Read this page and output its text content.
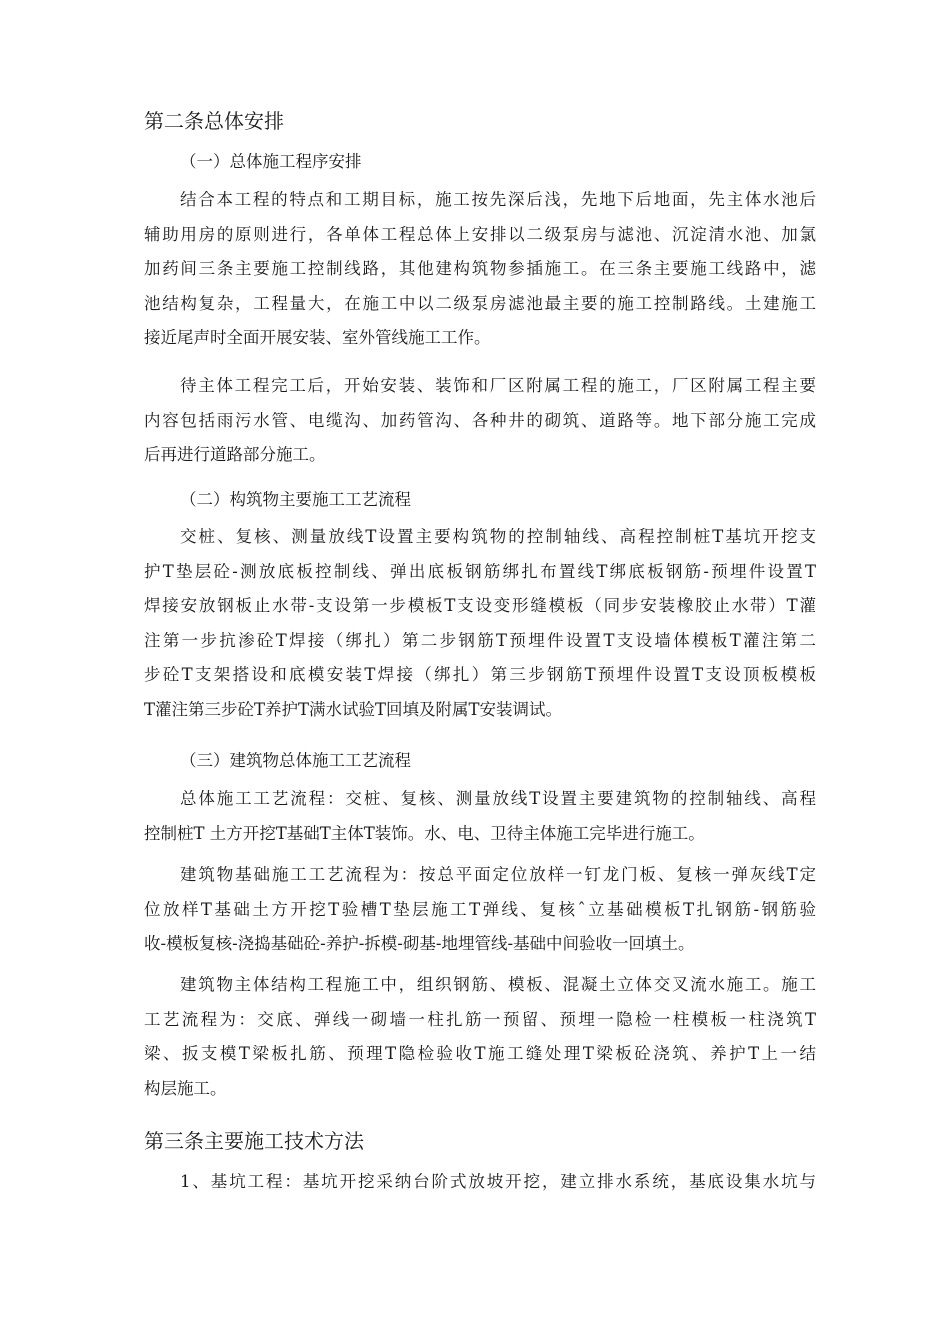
第二条总体安排
（一）总体施工程序安排
结合本工程的特点和工期目标，施工按先深后浅，先地下后地面，先主体水池后
辅助用房的原则进行，各单体工程总体上安排以二级泵房与滤池、沉淀清水池、加氯
加药间三条主要施工控制线路，其他建构筑物参插施工。在三条主要施工线路中，滤
池结构复杂，工程量大，在施工中以二级泵房滤池最主要的施工控制路线。土建施工
接近尾声时全面开展安装、室外管线施工工作。
待主体工程完工后，开始安装、装饰和厂区附属工程的施工，厂区附属工程主要
内容包括雨污水管、电缆沟、加药管沟、各种井的砌筑、道路等。地下部分施工完成
后再进行道路部分施工。
（二）构筑物主要施工工艺流程
交桩、复核、测量放线T设置主要构筑物的控制轴线、高程控制桩T基坑开挖支
护T垫层砼-测放底板控制线、弹出底板钢筋绑扎布置线T绑底板钢筋-预埋件设置T
焊接安放钢板止水带-支设第一步模板T支设变形缝模板（同步安装橡胶止水带）T灌
注第一步抗渗砼T焊接（绑扎）第二步钢筋T预埋件设置T支设墙体模板T灌注第二
步砼T支架搭设和底模安装T焊接（绑扎）第三步钢筋T预埋件设置T支设顶板模板
T灌注第三步砼T养护T满水试验T回填及附属T安装调试。
（三）建筑物总体施工工艺流程
总体施工工艺流程：交桩、复核、测量放线T设置主要建筑物的控制轴线、高程
控制桩T 土方开挖T基础T主体T装饰。水、电、卫待主体施工完毕进行施工。
建筑物基础施工工艺流程为：按总平面定位放样一钉龙门板、复核一弹灰线T定
位放样T基础土方开挖T验槽T垫层施工T弹线、复核ˆ立基础模板T扎钢筋-钢筋验
收-模板复核-浇捣基础砼-养护-拆模-砌基-地埋管线-基础中间验收一回填土。
建筑物主体结构工程施工中，组织钢筋、模板、混凝土立体交叉流水施工。施工
工艺流程为：交底、弹线一砌墙一柱扎筋一预留、预埋一隐检一柱模板一柱浇筑T
梁、扳支模T梁板扎筋、预理T隐检验收T施工缝处理T梁板砼浇筑、养护T上一结
构层施工。
第三条主要施工技术方法
1、基坑工程：基坑开挖采纳台阶式放坡开挖，建立排水系统，基底设集水坑与
